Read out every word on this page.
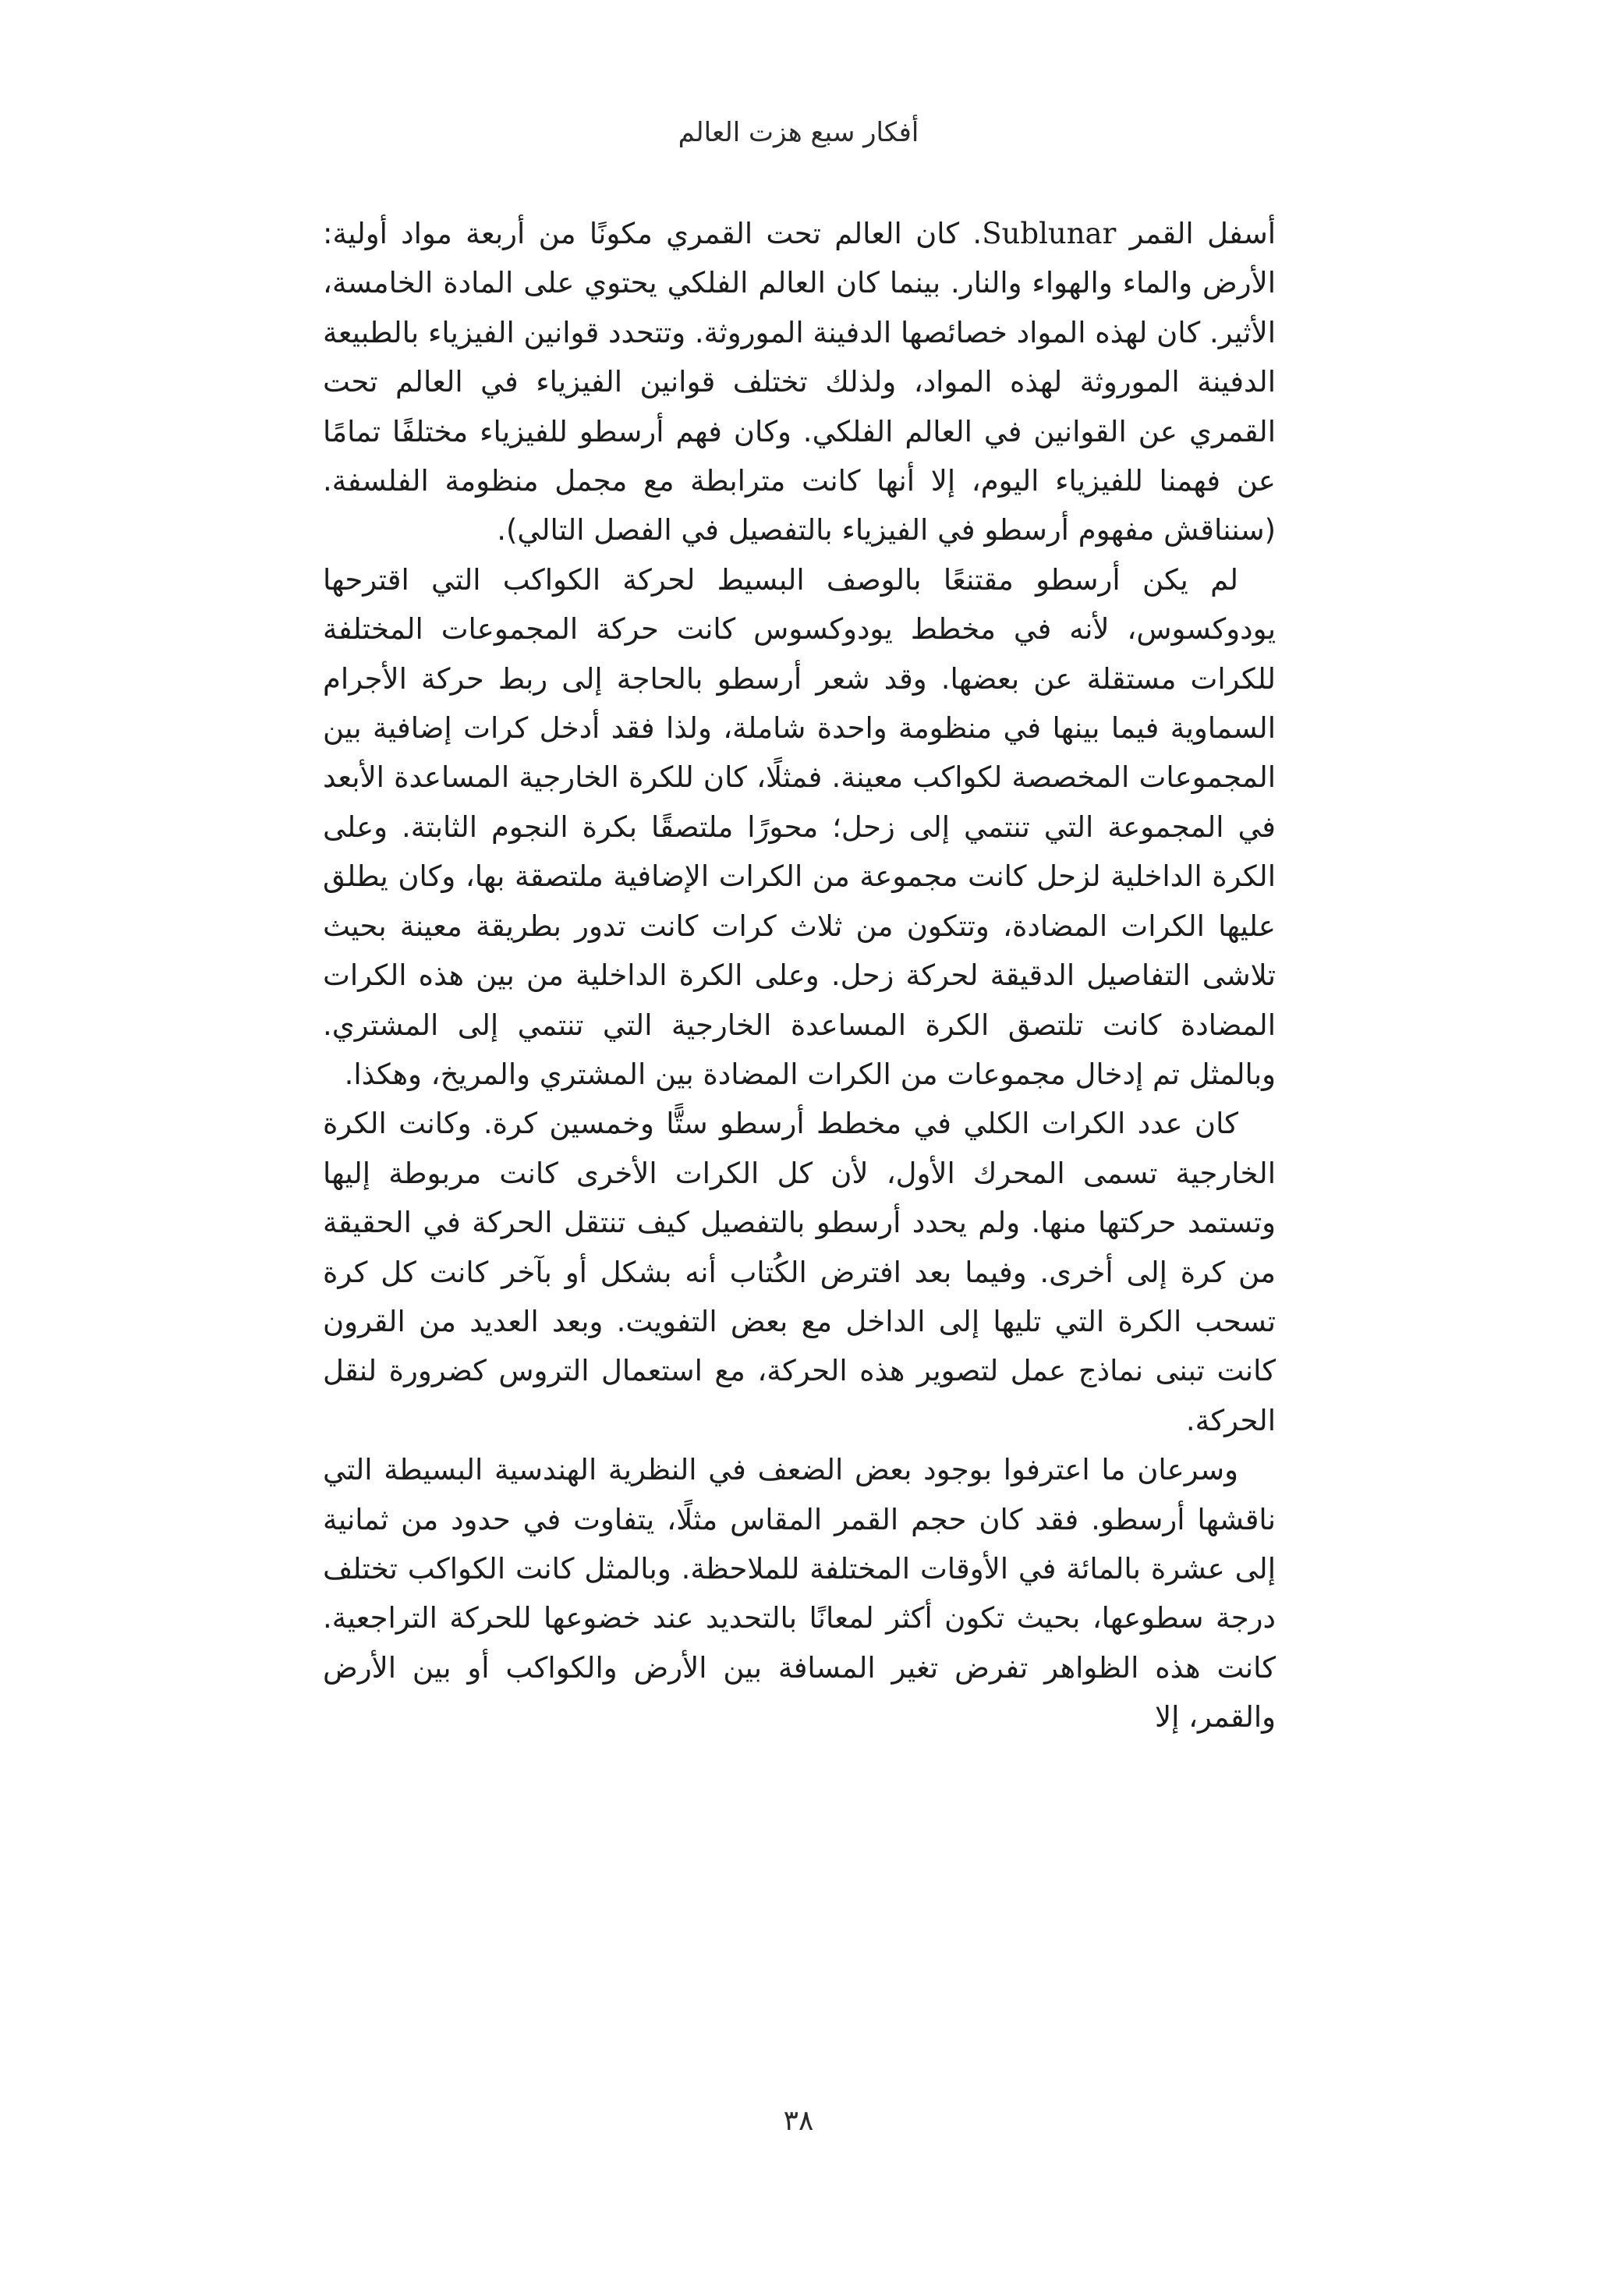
أفكار سبع هزت العالم

أسفل القمر Sublunar. كان العالم تحت القمري مكونًا من أربعة مواد أولية: الأرض والماء والهواء والنار. بينما كان العالم الفلكي يحتوي على المادة الخامسة، الأثير. كان لهذه المواد خصائصها الدفينة الموروثة. وتتحدد قوانين الفيزياء بالطبيعة الدفينة الموروثة لهذه المواد، ولذلك تختلف قوانين الفيزياء في العالم تحت القمري عن القوانين في العالم الفلكي. وكان فهم أرسطو للفيزياء مختلفًا تمامًا عن فهمنا للفيزياء اليوم، إلا أنها كانت مترابطة مع مجمل منظومة الفلسفة. (سنناقش مفهوم أرسطو في الفيزياء بالتفصيل في الفصل التالي).

لم يكن أرسطو مقتنعًا بالوصف البسيط لحركة الكواكب التي اقترحها يودوكسوس، لأنه في مخطط يودوكسوس كانت حركة المجموعات المختلفة للكرات مستقلة عن بعضها. وقد شعر أرسطو بالحاجة إلى ربط حركة الأجرام السماوية فيما بينها في منظومة واحدة شاملة، ولذا فقد أدخل كرات إضافية بين المجموعات المخصصة لكواكب معينة. فمثلًا، كان للكرة الخارجية المساعدة الأبعد في المجموعة التي تنتمي إلى زحل؛ محورًا ملتصقًا بكرة النجوم الثابتة. وعلى الكرة الداخلية لزحل كانت مجموعة من الكرات الإضافية ملتصقة بها، وكان يطلق عليها الكرات المضادة، وتتكون من ثلاث كرات كانت تدور بطريقة معينة بحيث تلاشى التفاصيل الدقيقة لحركة زحل. وعلى الكرة الداخلية من بين هذه الكرات المضادة كانت تلتصق الكرة المساعدة الخارجية التي تنتمي إلى المشتري. وبالمثل تم إدخال مجموعات من الكرات المضادة بين المشتري والمريخ، وهكذا.

كان عدد الكرات الكلي في مخطط أرسطو ستًّا وخمسين كرة. وكانت الكرة الخارجية تسمى المحرك الأول، لأن كل الكرات الأخرى كانت مربوطة إليها وتستمد حركتها منها. ولم يحدد أرسطو بالتفصيل كيف تنتقل الحركة في الحقيقة من كرة إلى أخرى. وفيما بعد افترض الكُتاب أنه بشكل أو بآخر كانت كل كرة تسحب الكرة التي تليها إلى الداخل مع بعض التفويت. وبعد العديد من القرون كانت تبنى نماذج عمل لتصوير هذه الحركة، مع استعمال التروس كضرورة لنقل الحركة.

وسرعان ما اعترفوا بوجود بعض الضعف في النظرية الهندسية البسيطة التي ناقشها أرسطو. فقد كان حجم القمر المقاس مثلًا، يتفاوت في حدود من ثمانية إلى عشرة بالمائة في الأوقات المختلفة للملاحظة. وبالمثل كانت الكواكب تختلف درجة سطوعها، بحيث تكون أكثر لمعانًا بالتحديد عند خضوعها للحركة التراجعية. كانت هذه الظواهر تفرض تغير المسافة بين الأرض والكواكب أو بين الأرض والقمر، إلا

٣٨
